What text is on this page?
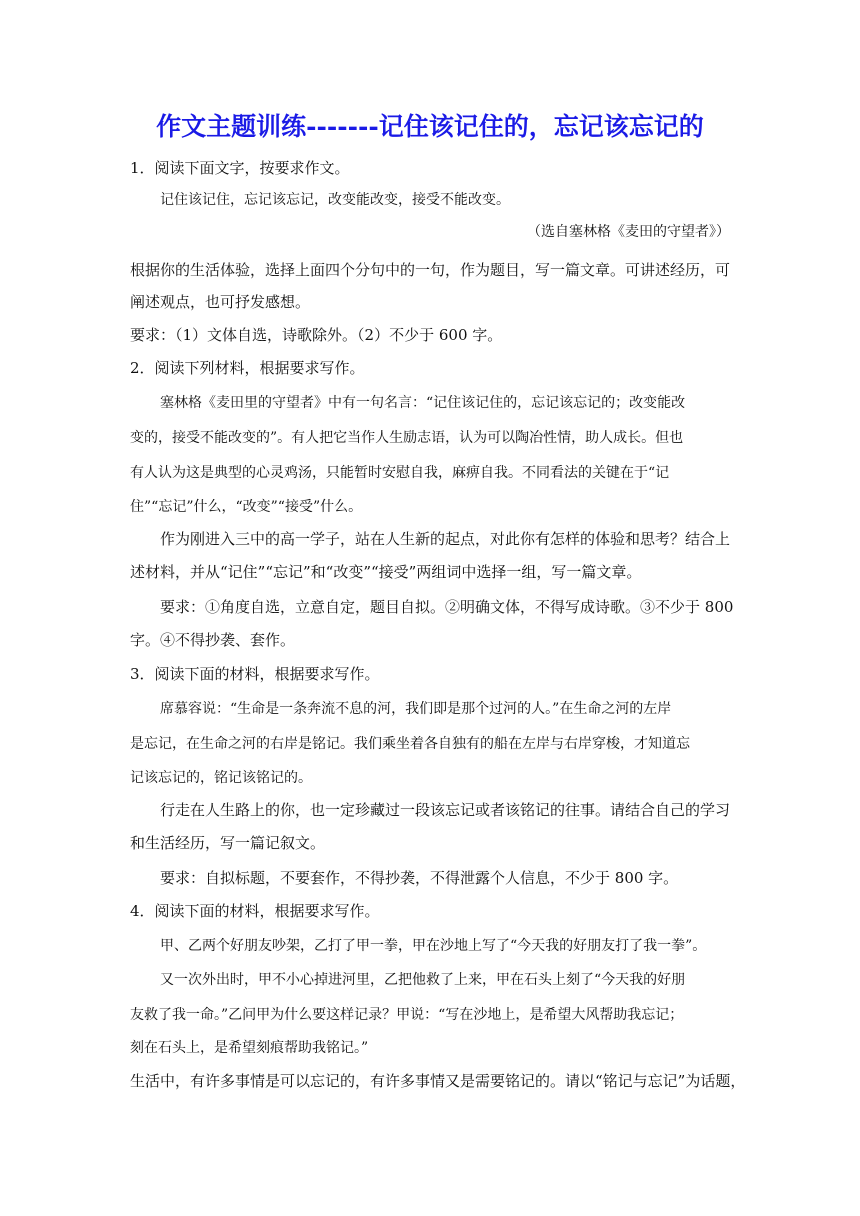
作文主题训练-------记住该记住的，忘记该忘记的
1．阅读下面文字，按要求作文。
记住该记住，忘记该忘记，改变能改变，接受不能改变。
（选自塞林格《麦田的守望者》）
根据你的生活体验，选择上面四个分句中的一句，作为题目，写一篇文章。可讲述经历，可
阐述观点，也可抒发感想。
要求：（1）文体自选，诗歌除外。（2）不少于 600 字。
2．阅读下列材料，根据要求写作。
塞林格《麦田里的守望者》中有一句名言：“记住该记住的，忘记该忘记的；改变能改
变的，接受不能改变的”。有人把它当作人生励志语，认为可以陶冶性情，助人成长。但也
有人认为这是典型的心灵鸡汤，只能暂时安慰自我，麻痹自我。不同看法的关键在于“记
住”“忘记”什么，“改变”“接受”什么。
作为刚进入三中的高一学子，站在人生新的起点，对此你有怎样的体验和思考？结合上
述材料，并从“记住”“忘记”和“改变”“接受”两组词中选择一组，写一篇文章。
要求：①角度自选，立意自定，题目自拟。②明确文体，不得写成诗歌。③不少于 800
字。④不得抄袭、套作。
3．阅读下面的材料，根据要求写作。
席慕容说：“生命是一条奔流不息的河，我们即是那个过河的人。”在生命之河的左岸
是忘记，在生命之河的右岸是铭记。我们乘坐着各自独有的船在左岸与右岸穿梭，才知道忘
记该忘记的，铭记该铭记的。
行走在人生路上的你，也一定珍藏过一段该忘记或者该铭记的往事。请结合自己的学习
和生活经历，写一篇记叙文。
要求：自拟标题，不要套作，不得抄袭，不得泄露个人信息，不少于 800 字。
4．阅读下面的材料，根据要求写作。
甲、乙两个好朋友吵架，乙打了甲一拳，甲在沙地上写了“今天我的好朋友打了我一拳”。
又一次外出时，甲不小心掉进河里，乙把他救了上来，甲在石头上刻了“今天我的好朋
友救了我一命。”乙问甲为什么要这样记录？甲说：“写在沙地上，是希望大风帮助我忘记；
刻在石头上，是希望刻痕帮助我铭记。”
生活中，有许多事情是可以忘记的，有许多事情又是需要铭记的。请以“铭记与忘记”为话题，
